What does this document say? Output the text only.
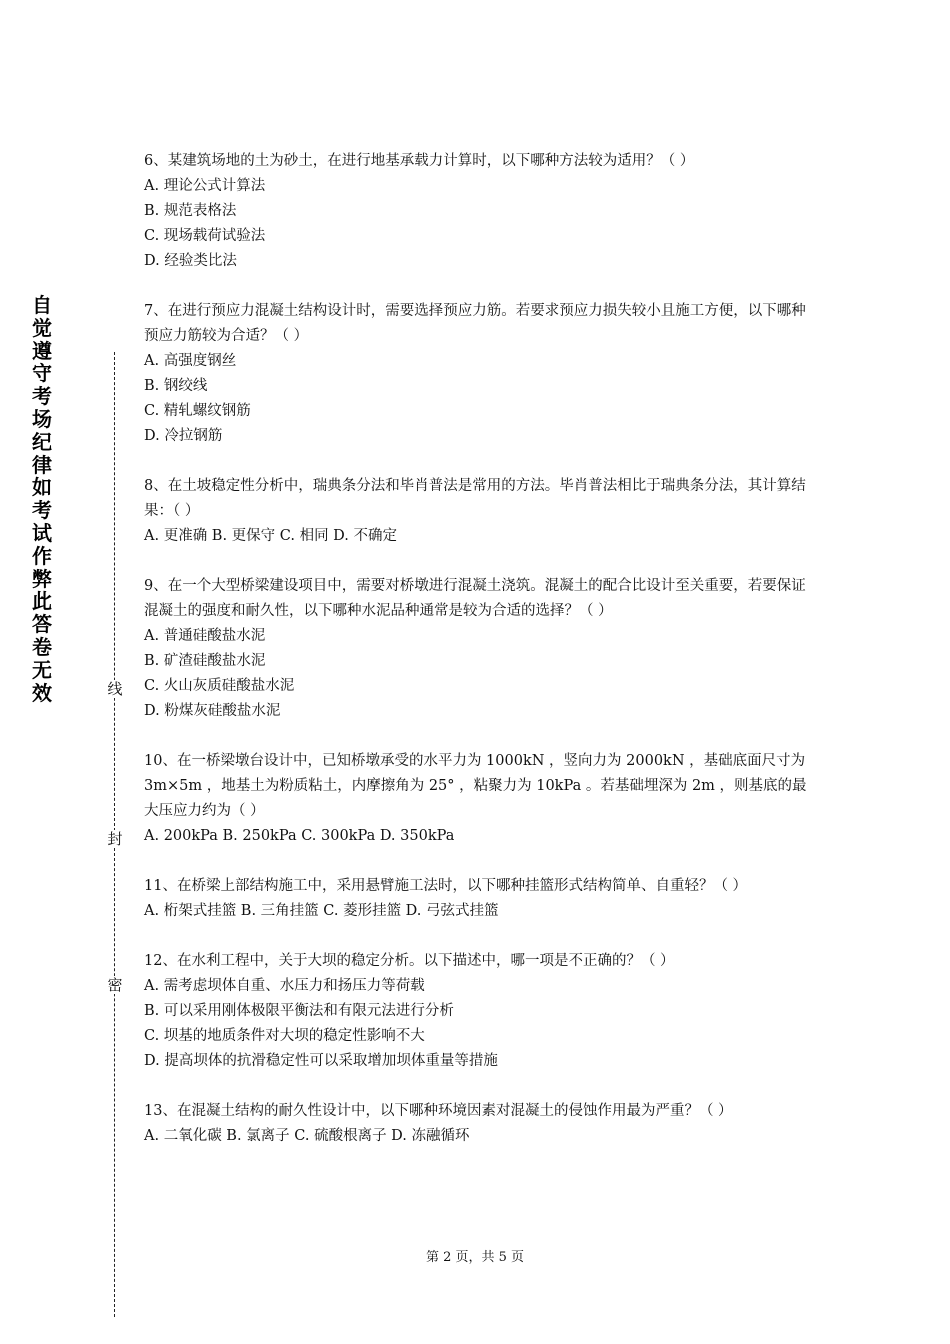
自
觉
遵
守
考
场
纪
律
如
考
试
作
弊
此
答
卷
无
效	线
封
密

6、某建筑场地的土为砂土，在进行地基承载力计算时，以下哪种方法较为适用？（ ）

A. 理论公式计算法

B. 规范表格法

C. 现场载荷试验法

D. 经验类比法

7、在进行预应力混凝土结构设计时，需要选择预应力筋。若要求预应力损失较小且施工方便，以下哪种预应力筋较为合适？（ ）

A. 高强度钢丝

B. 钢绞线

C. 精轧螺纹钢筋

D. 冷拉钢筋

8、在土坡稳定性分析中，瑞典条分法和毕肖普法是常用的方法。毕肖普法相比于瑞典条分法，其计算结果：（ ）

A. 更准确 B. 更保守 C. 相同 D. 不确定

9、在一个大型桥梁建设项目中，需要对桥墩进行混凝土浇筑。混凝土的配合比设计至关重要，若要保证混凝土的强度和耐久性，以下哪种水泥品种通常是较为合适的选择？（ ）

A. 普通硅酸盐水泥

B. 矿渣硅酸盐水泥

C. 火山灰质硅酸盐水泥

D. 粉煤灰硅酸盐水泥

10、在一桥梁墩台设计中，已知桥墩承受的水平力为 1000kN ，竖向力为 2000kN ，基础底面尺寸为 3m×5m ，地基土为粉质粘土，内摩擦角为 25° ，粘聚力为 10kPa 。若基础埋深为 2m ，则基底的最大压应力约为（ ）

A. 200kPa B. 250kPa C. 300kPa D. 350kPa

11、在桥梁上部结构施工中，采用悬臂施工法时，以下哪种挂篮形式结构简单、自重轻？（ ）

A. 桁架式挂篮 B. 三角挂篮 C. 菱形挂篮 D. 弓弦式挂篮

12、在水利工程中，关于大坝的稳定分析。以下描述中，哪一项是不正确的？（ ）

A. 需考虑坝体自重、水压力和扬压力等荷载

B. 可以采用刚体极限平衡法和有限元法进行分析

C. 坝基的地质条件对大坝的稳定性影响不大

D. 提高坝体的抗滑稳定性可以采取增加坝体重量等措施

13、在混凝土结构的耐久性设计中，以下哪种环境因素对混凝土的侵蚀作用最为严重？（ ）

A. 二氧化碳 B. 氯离子 C. 硫酸根离子 D. 冻融循环

第 2 页，共 5 页
